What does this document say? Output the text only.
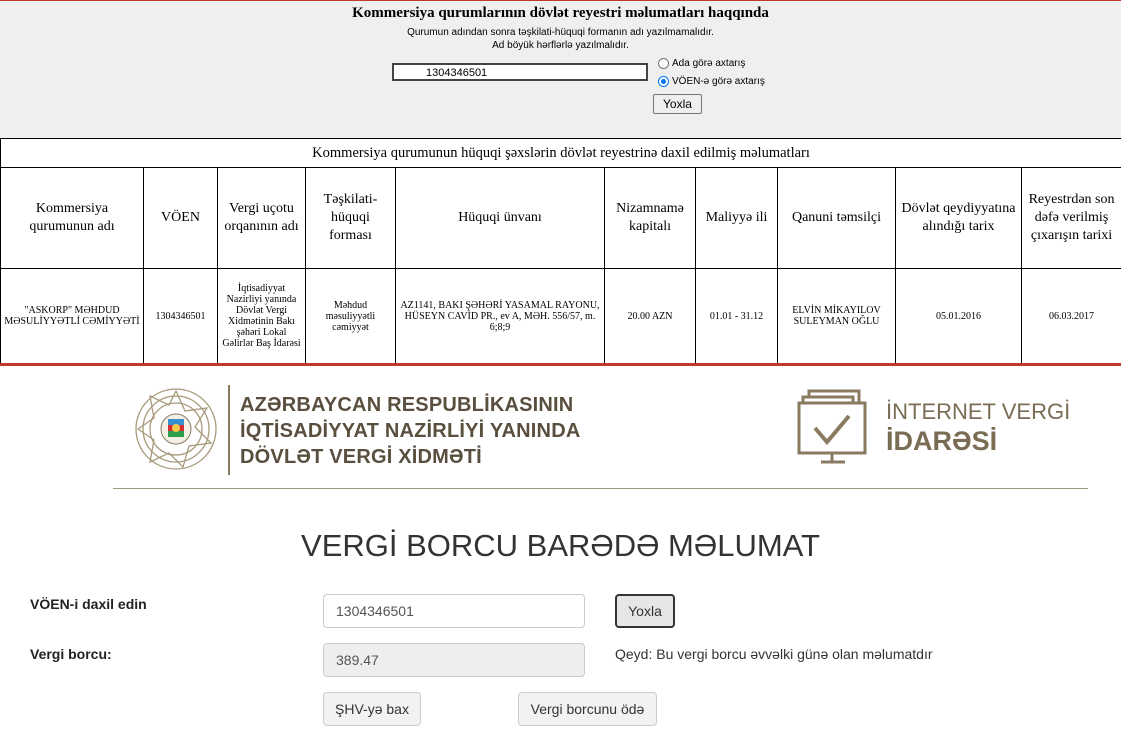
Kommersiya qurumlarının dövlət reyestri məlumatları haqqında
Qurumun adından sonra təşkilati-hüquqi formanın adı yazılmamalıdır.
Ad böyük hərflərlə yazılmalıdır.
1304346501
Ada görə axtarış
VÖEN-ə görə axtarış
Yoxla
Kommersiya qurumunun hüquqi şəxslərin dövlət reyestrinə daxil edilmiş məlumatları									
Kommersiya qurumunun adı	VÖEN	Vergi uçotu orqanının adı	Təşkilati-hüquqi forması	Hüquqi ünvanı	Nizamnamə kapitalı	Maliyyə ili	Qanuni təmsilçi	Dövlət qeydiyyatına alındığı tarix	Reyestrdən son dəfə verilmiş çıxarışın tarixi
"ASKORP" MƏHDUD MƏSULİYYƏTLİ CƏMİYYƏTİ	1304346501	İqtisadiyyat Nazirliyi yanında Dövlət Vergi Xidmətinin Bakı şəhəri Lokal Gəlirlər Baş İdarəsi	Məhdud məsuliyyətli cəmiyyət	AZ1141, BAKI ŞƏHƏRİ YASAMAL RAYONU, HÜSEYN CAVİD PR., ev A, MƏH. 556/57, m. 6;8;9	20.00 AZN	01.01 - 31.12	ELVİN MİKAYILOV SULEYMAN OĞLU	05.01.2016	06.03.2017
AZƏRBAYCAN RESPUBLİKASININ
İQTİSADİYYAT NAZİRLİYİ YANINDA
DÖVLƏT VERGİ XİDMƏTİ
İNTERNET VERGİ
İDARƏSİ
VERGİ BORCU BARƏDƏ MƏLUMAT
VÖEN-i daxil edin	1304346501	Yoxla
Vergi borcu:	389.47	Qeyd: Bu vergi borcu əvvəlki günə olan məlumatdır
ŞHV-yə bax	Vergi borcunu ödə
